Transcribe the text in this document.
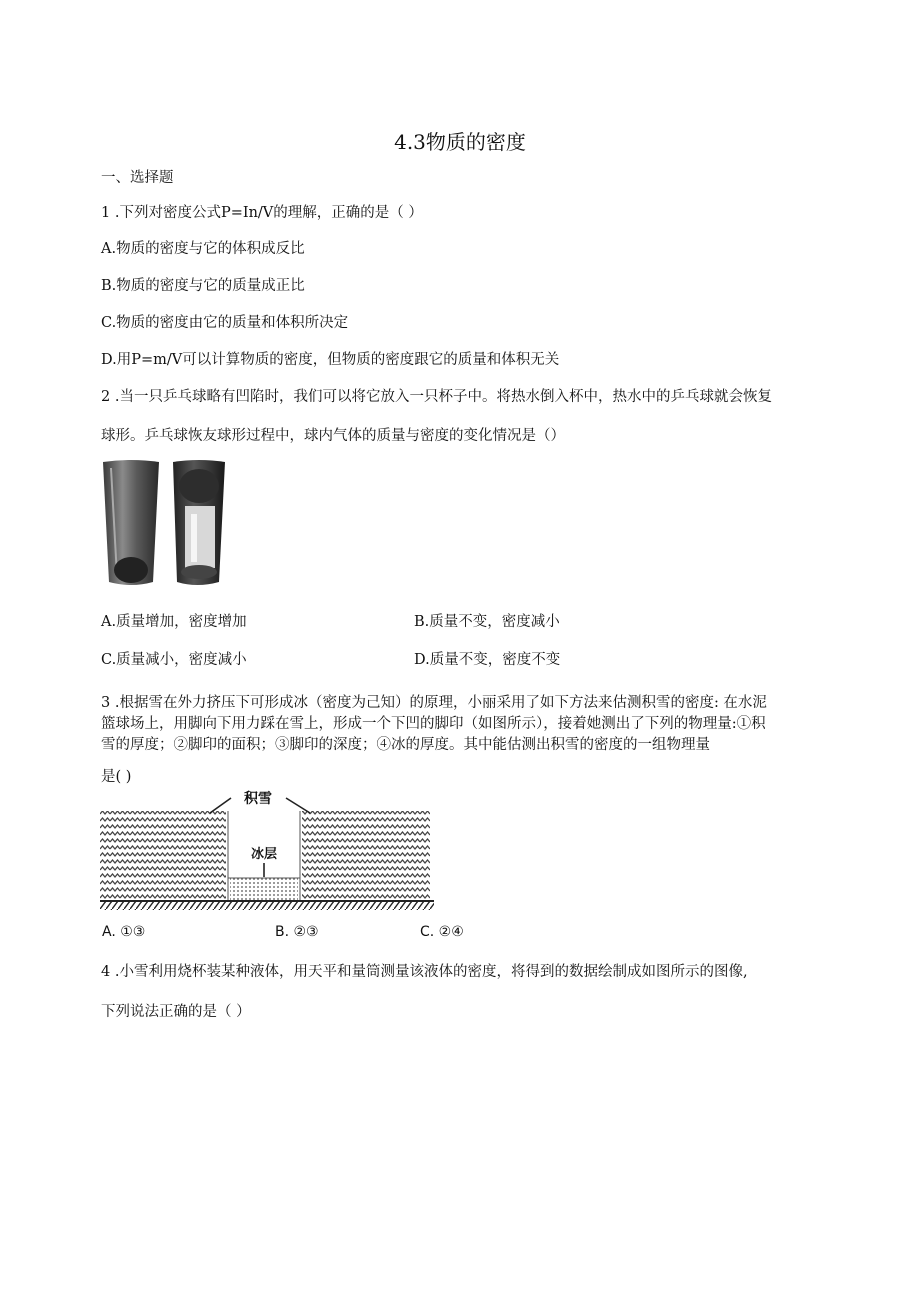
4.3物质的密度
一、选择题
1 .下列对密度公式P=In/V的理解，正确的是（ ）
A.物质的密度与它的体积成反比
B.物质的密度与它的质量成正比
C.物质的密度由它的质量和体积所决定
D.用P=m/V可以计算物质的密度，但物质的密度跟它的质量和体积无关
2 .当一只乒乓球略有凹陷时，我们可以将它放入一只杯子中。将热水倒入杯中，热水中的乒乓球就会恢复
球形。乒乓球恢友球形过程中，球内气体的质量与密度的变化情况是（）
A.质量增加，密度增加	B.质量不变，密度减小
C.质量减小，密度减小	D.质量不变，密度不变
3 .根据雪在外力挤压下可形成冰（密度为己知）的原理，小丽采用了如下方法来估测积雪的密度: 在水泥
篮球场上，用脚向下用力踩在雪上，形成一个下凹的脚印（如图所示），接着她测出了下列的物理量:①积
雪的厚度；②脚印的面积；③脚印的深度；④冰的厚度。其中能估测出积雪的密度的一组物理量
是( )
积雪
冰层
A. ①③	B. ②③	C. ②④
4 .小雪利用烧杯装某种液体，用天平和量筒测量该液体的密度，将得到的数据绘制成如图所示的图像,
下列说法正确的是（ ）
